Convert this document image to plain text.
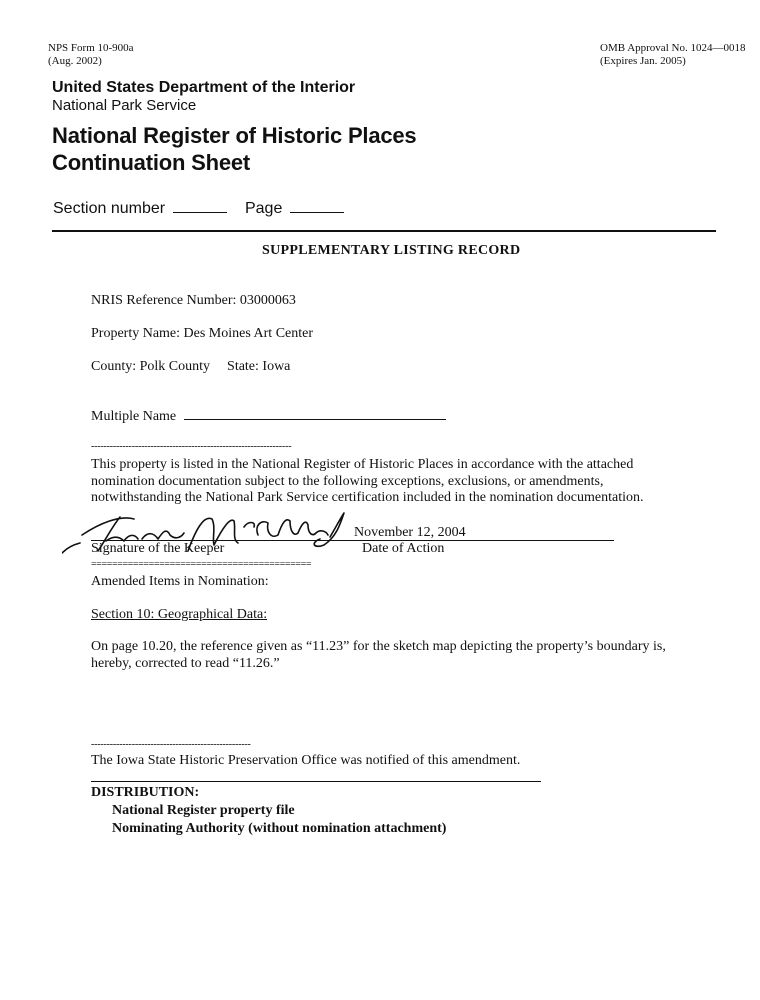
NPS Form 10-900a
(Aug. 2002)
OMB Approval No. 1024—0018
(Expires Jan. 2005)
United States Department of the Interior
National Park Service
National Register of Historic Places
Continuation Sheet
Section number	Page
SUPPLEMENTARY LISTING RECORD
NRIS Reference Number: 03000063
Property Name: Des Moines Art Center
County: Polk County State: Iowa
Multiple Name
----------------------------------------------------------------
This property is listed in the National Register of Historic Places in accordance with the attached nomination documentation subject to the following exceptions, exclusions, or amendments, notwithstanding the National Park Service certification included in the nomination documentation.
November 12, 2004
Signature of the Keeper	Date of Action
==========================================
Amended Items in Nomination:
Section 10: Geographical Data:
On page 10.20, the reference given as “11.23” for the sketch map depicting the property’s boundary is, hereby, corrected to read “11.26.”
---------------------------------------------------
The Iowa State Historic Preservation Office was notified of this amendment.
DISTRIBUTION:
National Register property file
Nominating Authority (without nomination attachment)
